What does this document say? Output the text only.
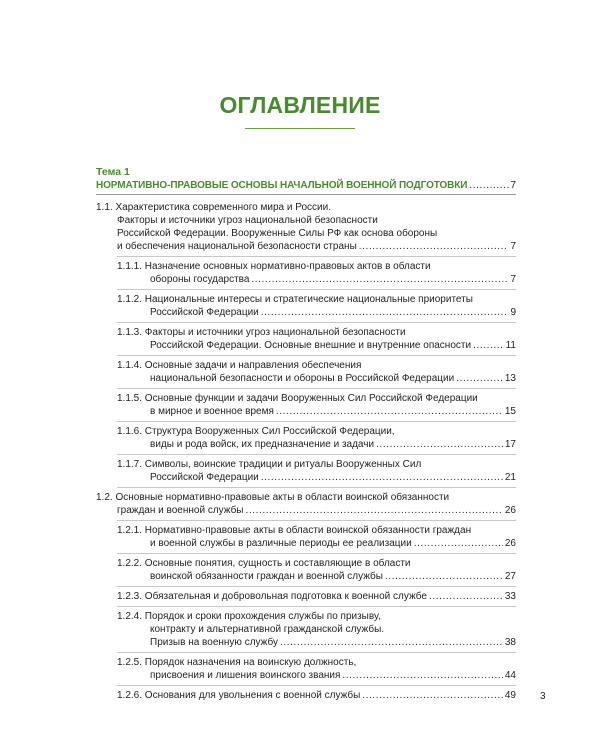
ОГЛАВЛЕНИЕ
Тема 1
НОРМАТИВНО-ПРАВОВЫЕ ОСНОВЫ НАЧАЛЬНОЙ ВОЕННОЙ ПОДГОТОВКИ .....	7
1.1. Характеристика современного мира и России.
Факторы и источники угроз национальной безопасности
Российской Федерации. Вооруженные Силы РФ как основа обороны
и обеспечения национальной безопасности страны .....	7
1.1.1. Назначение основных нормативно-правовых актов в области
обороны государства .....	7
1.1.2. Национальные интересы и стратегические национальные приоритеты
Российской Федерации .....	9
1.1.3. Факторы и источники угроз национальной безопасности
Российской Федерации. Основные внешние и внутренние опасности .....	11
1.1.4. Основные задачи и направления обеспечения
национальной безопасности и обороны в Российской Федерации .....	13
1.1.5. Основные функции и задачи Вооруженных Сил Российской Федерации
в мирное и военное время .....	15
1.1.6. Структура Вооруженных Сил Российской Федерации,
виды и рода войск, их предназначение и задачи .....	17
1.1.7. Символы, воинские традиции и ритуалы Вооруженных Сил
Российской Федерации .....	21
1.2. Основные нормативно-правовые акты в области воинской обязанности
граждан и военной службы .....	26
1.2.1. Нормативно-правовые акты в области воинской обязанности граждан
и военной службы в различные периоды ее реализации .....	26
1.2.2. Основные понятия, сущность и составляющие в области
воинской обязанности граждан и военной службы .....	27
1.2.3. Обязательная и добровольная подготовка к военной службе .....	33
1.2.4. Порядок и сроки прохождения службы по призыву,
контракту и альтернативной гражданской службы.
Призыв на военную службу .....	38
1.2.5. Порядок назначения на воинскую должность,
присвоения и лишения воинского звания .....	44
1.2.6. Основания для увольнения с военной службы .....	49 3
